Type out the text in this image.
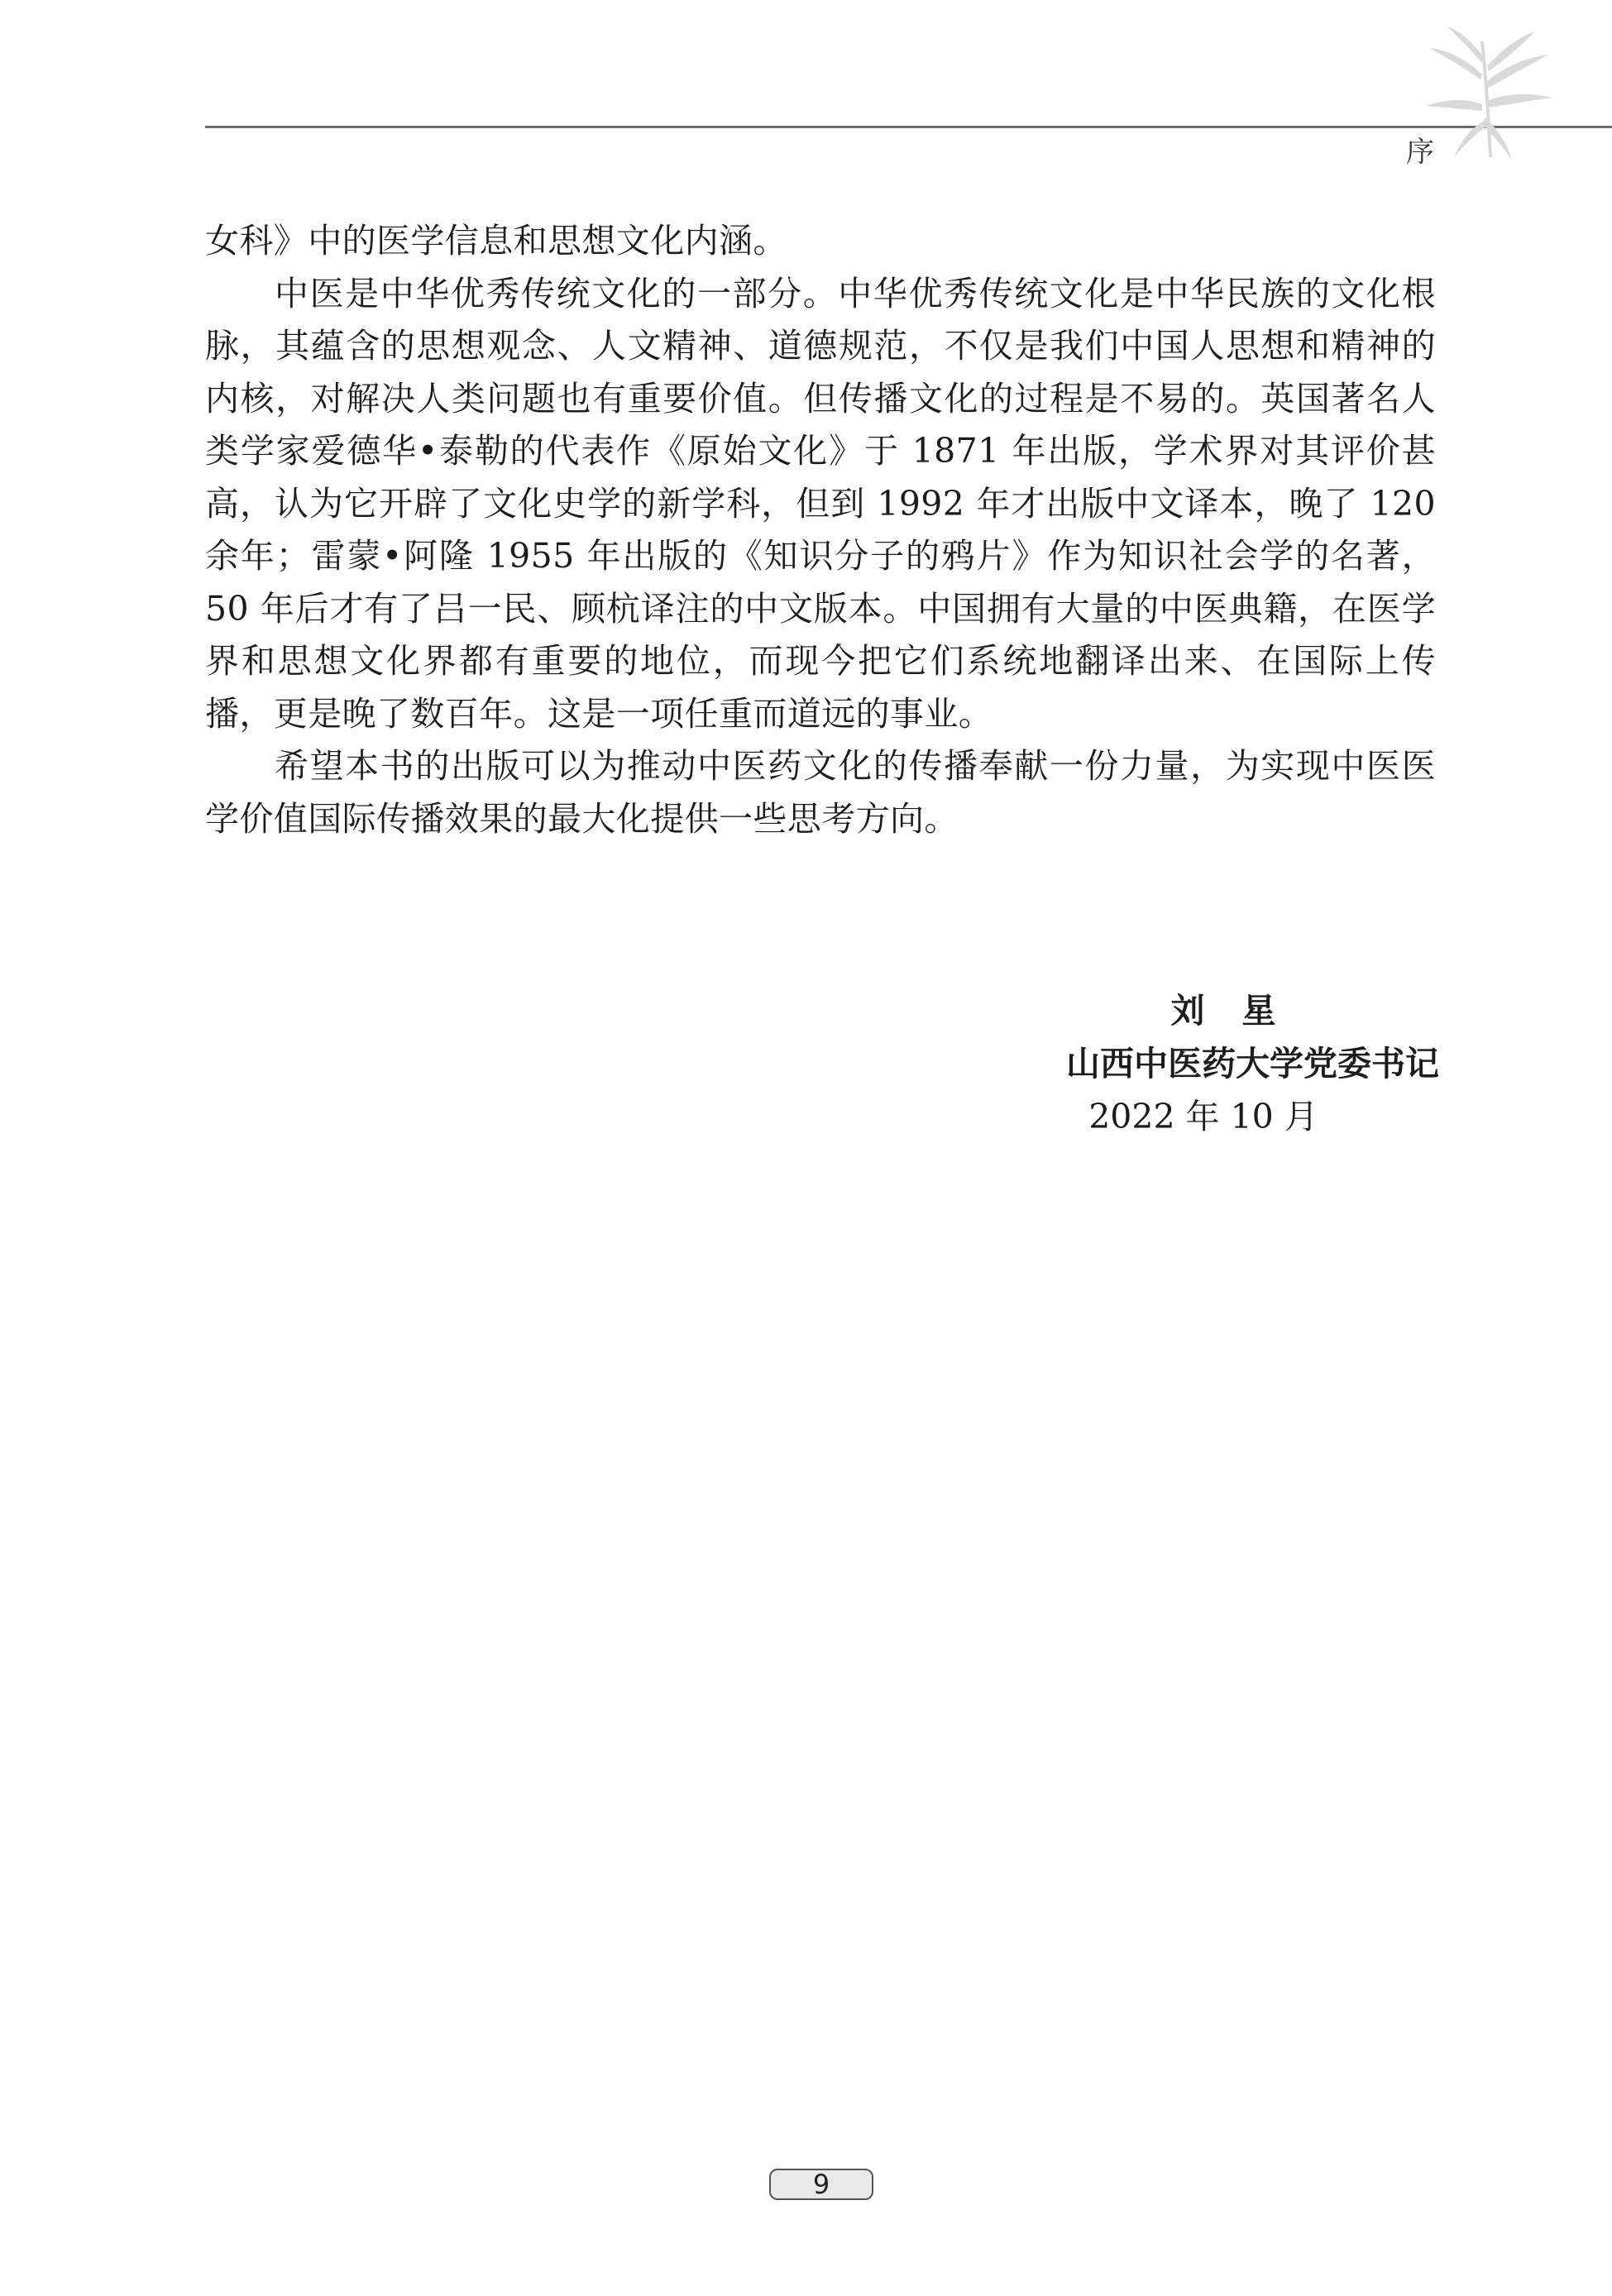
序

女科》中的医学信息和思想文化内涵。

中医是中华优秀传统文化的一部分。中华优秀传统文化是中华民族的文化根脉，其蕴含的思想观念、人文精神、道德规范，不仅是我们中国人思想和精神的内核，对解决人类问题也有重要价值。但传播文化的过程是不易的。英国著名人类学家爱德华•泰勒的代表作《原始文化》于 1871 年出版，学术界对其评价甚高，认为它开辟了文化史学的新学科，但到 1992 年才出版中文译本，晚了 120 余年；雷蒙•阿隆 1955 年出版的《知识分子的鸦片》作为知识社会学的名著，50 年后才有了吕一民、顾杭译注的中文版本。中国拥有大量的中医典籍，在医学界和思想文化界都有重要的地位，而现今把它们系统地翻译出来、在国际上传播，更是晚了数百年。这是一项任重而道远的事业。

希望本书的出版可以为推动中医药文化的传播奉献一份力量，为实现中医医学价值国际传播效果的最大化提供一些思考方向。

刘　星
山西中医药大学党委书记
2022 年 10 月
9
